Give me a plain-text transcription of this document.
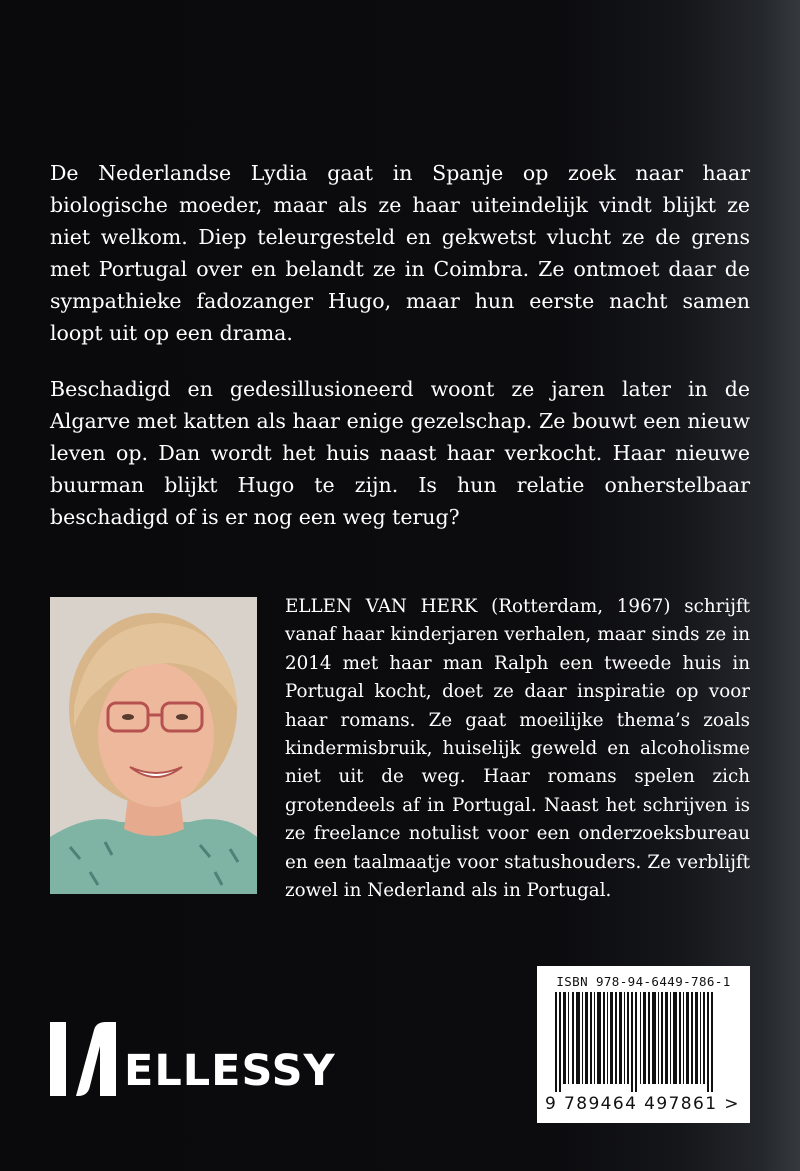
De Nederlandse Lydia gaat in Spanje op zoek naar haar biologische moeder, maar als ze haar uiteindelijk vindt blijkt ze niet welkom. Diep teleurgesteld en gekwetst vlucht ze de grens met Portugal over en belandt ze in Coimbra. Ze ontmoet daar de sympathieke fadozanger Hugo, maar hun eerste nacht samen loopt uit op een drama.

Beschadigd en gedesillusioneerd woont ze jaren later in de Algarve met katten als haar enige gezelschap. Ze bouwt een nieuw leven op. Dan wordt het huis naast haar verkocht. Haar nieuwe buurman blijkt Hugo te zijn. Is hun relatie onherstelbaar beschadigd of is er nog een weg terug?

ELLEN VAN HERK (Rotterdam, 1967) schrijft vanaf haar kinderjaren verhalen, maar sinds ze in 2014 met haar man Ralph een tweede huis in Portugal kocht, doet ze daar inspiratie op voor haar romans. Ze gaat moeilijke thema’s zoals kindermisbruik, huiselijk geweld en alcoholisme niet uit de weg. Haar romans spelen zich grotendeels af in Portugal. Naast het schrijven is ze freelance notulist voor een onderzoeksbureau en een taalmaatje voor statushouders. Ze verblijft zowel in Nederland als in Portugal.

ELLESSY
ISBN 978-94-6449-786-1
9 789464 497861 >
